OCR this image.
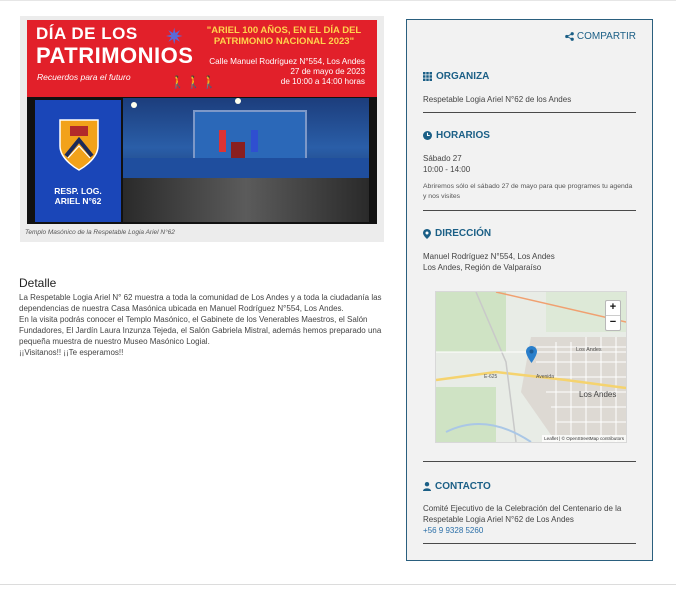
DÍA DE LOS
PATRIMONIOS
Recuerdos para el futuro
✷	"ARIEL 100 AÑOS, EN EL DÍA DEL PATRIMONIO NACIONAL 2023"
Calle Manuel Rodríguez N°554, Los Andes
27 de mayo de 2023
de 10:00 a 14:00 horas
🚶🚶🚶
RESP. LOG.
ARIEL N°62
Templo Masónico de la Respetable Logia Ariel N°62
Detalle

La Respetable Logia Ariel N° 62 muestra a toda la comunidad de Los Andes y a toda la ciudadanía las dependencias de nuestra Casa Masónica ubicada en Manuel Rodríguez N°554, Los Andes.

En la visita podrás conocer el Templo Masónico, el Gabinete de los Venerables Maestros, el Salón Fundadores, El Jardín Laura Inzunza Tejeda, el Salón Gabriela Mistral, además hemos preparado una pequeña muestra de nuestro Museo Masónico Logial.

¡¡Visitanos!! ¡¡Te esperamos!!

COMPARTIR
ORGANIZA
Respetable Logia Ariel N°62 de los Andes
HORARIOS
Sábado 27
10:00 - 14:00
Abriremos sólo el sábado 27 de mayo para que programes tu agenda y nos visites
DIRECCIÓN
Manuel Rodríguez N°554, Los Andes
Los Andes, Región de Valparaíso
E-625	Avenida
Los Andes
Los Andes
+
−
Leaflet | © OpenStreetMap contributors
CONTACTO
Comité Ejecutivo de la Celebración del Centenario de la Respetable Logia Ariel N°62 de Los Andes
+56 9 9328 5260
